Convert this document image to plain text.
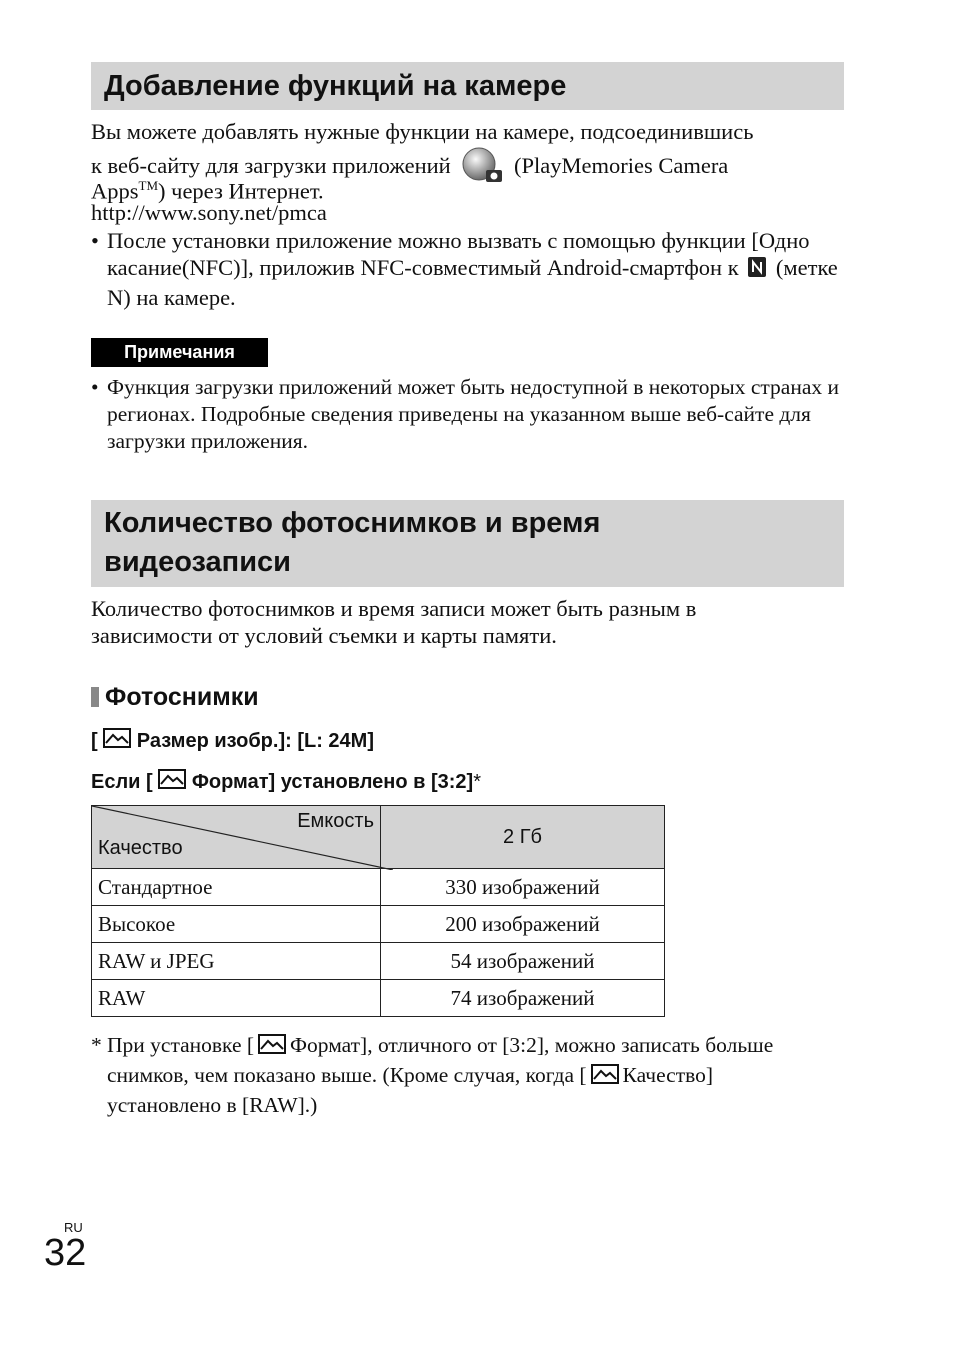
Добавление функций на камере

Вы можете добавлять нужные функции на камере, подсоединившись

к веб-сайту для загрузки приложений	(PlayMemories Camera

Apps™) через Интернет.

http://www.sony.net/pmca

• После установки приложение можно вызвать с помощью функции [Одно касание(NFC)], приложив NFC-совместимый Android-смартфон к (метке N) на камере.
Примечания
• Функция загрузки приложений может быть недоступной в некоторых странах и регионах. Подробные сведения приведены на указанном выше веб-сайте для загрузки приложения.
Количество фотоснимков и время
видеозаписи
Количество фотоснимков и время записи может быть разным в зависимости от условий съемки и карты памяти.
Фотоснимки
[ Размер изобр.]: [L: 24M]
Если [ Формат] установлено в [3:2]*
Емкость
Качество	2 Гб
Стандартное	330 изображений
Высокое	200 изображений
RAW и JPEG	54 изображений
RAW	74 изображений
* При установке [ Формат], отличного от [3:2], можно записать больше снимков, чем показано выше. (Кроме случая, когда [ Качество] установлено в [RAW].)
RU
32
